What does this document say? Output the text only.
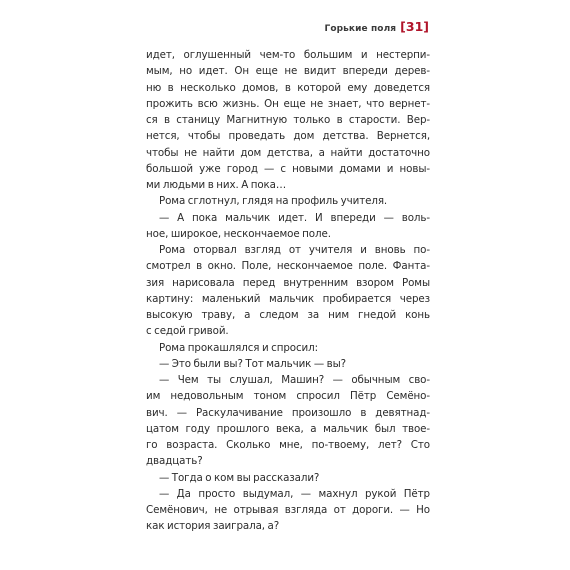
Горькие поля [31]
идет, оглушенный чем-то большим и нестерпи-
мым, но идет. Он еще не видит впереди дерев-
ню в несколько домов, в которой ему доведется
прожить всю жизнь. Он еще не знает, что вернет-
ся в станицу Магнитную только в старости. Вер-
нется, чтобы проведать дом детства. Вернется,
чтобы не найти дом детства, а найти достаточно
большой уже город — с новыми домами и новы-
ми людьми в них. А пока…
Рома сглотнул, глядя на профиль учителя.
— А пока мальчик идет. И впереди — воль-
ное, широкое, нескончаемое поле.
Рома оторвал взгляд от учителя и вновь по-
смотрел в окно. Поле, нескончаемое поле. Фанта-
зия нарисовала перед внутренним взором Ромы
картину: маленький мальчик пробирается через
высокую траву, а следом за ним гнедой конь
с седой гривой.
Рома прокашлялся и спросил:
— Это были вы? Тот мальчик — вы?
— Чем ты слушал, Машин? — обычным сво-
им недовольным тоном спросил Пётр Семёно-
вич. — Раскулачивание произошло в девятнад-
цатом году прошлого века, а мальчик был твое-
го возраста. Сколько мне, по-твоему, лет? Сто
двадцать?
— Тогда о ком вы рассказали?
— Да просто выдумал, — махнул рукой Пётр
Семёнович, не отрывая взгляда от дороги. — Но
как история заиграла, а?
